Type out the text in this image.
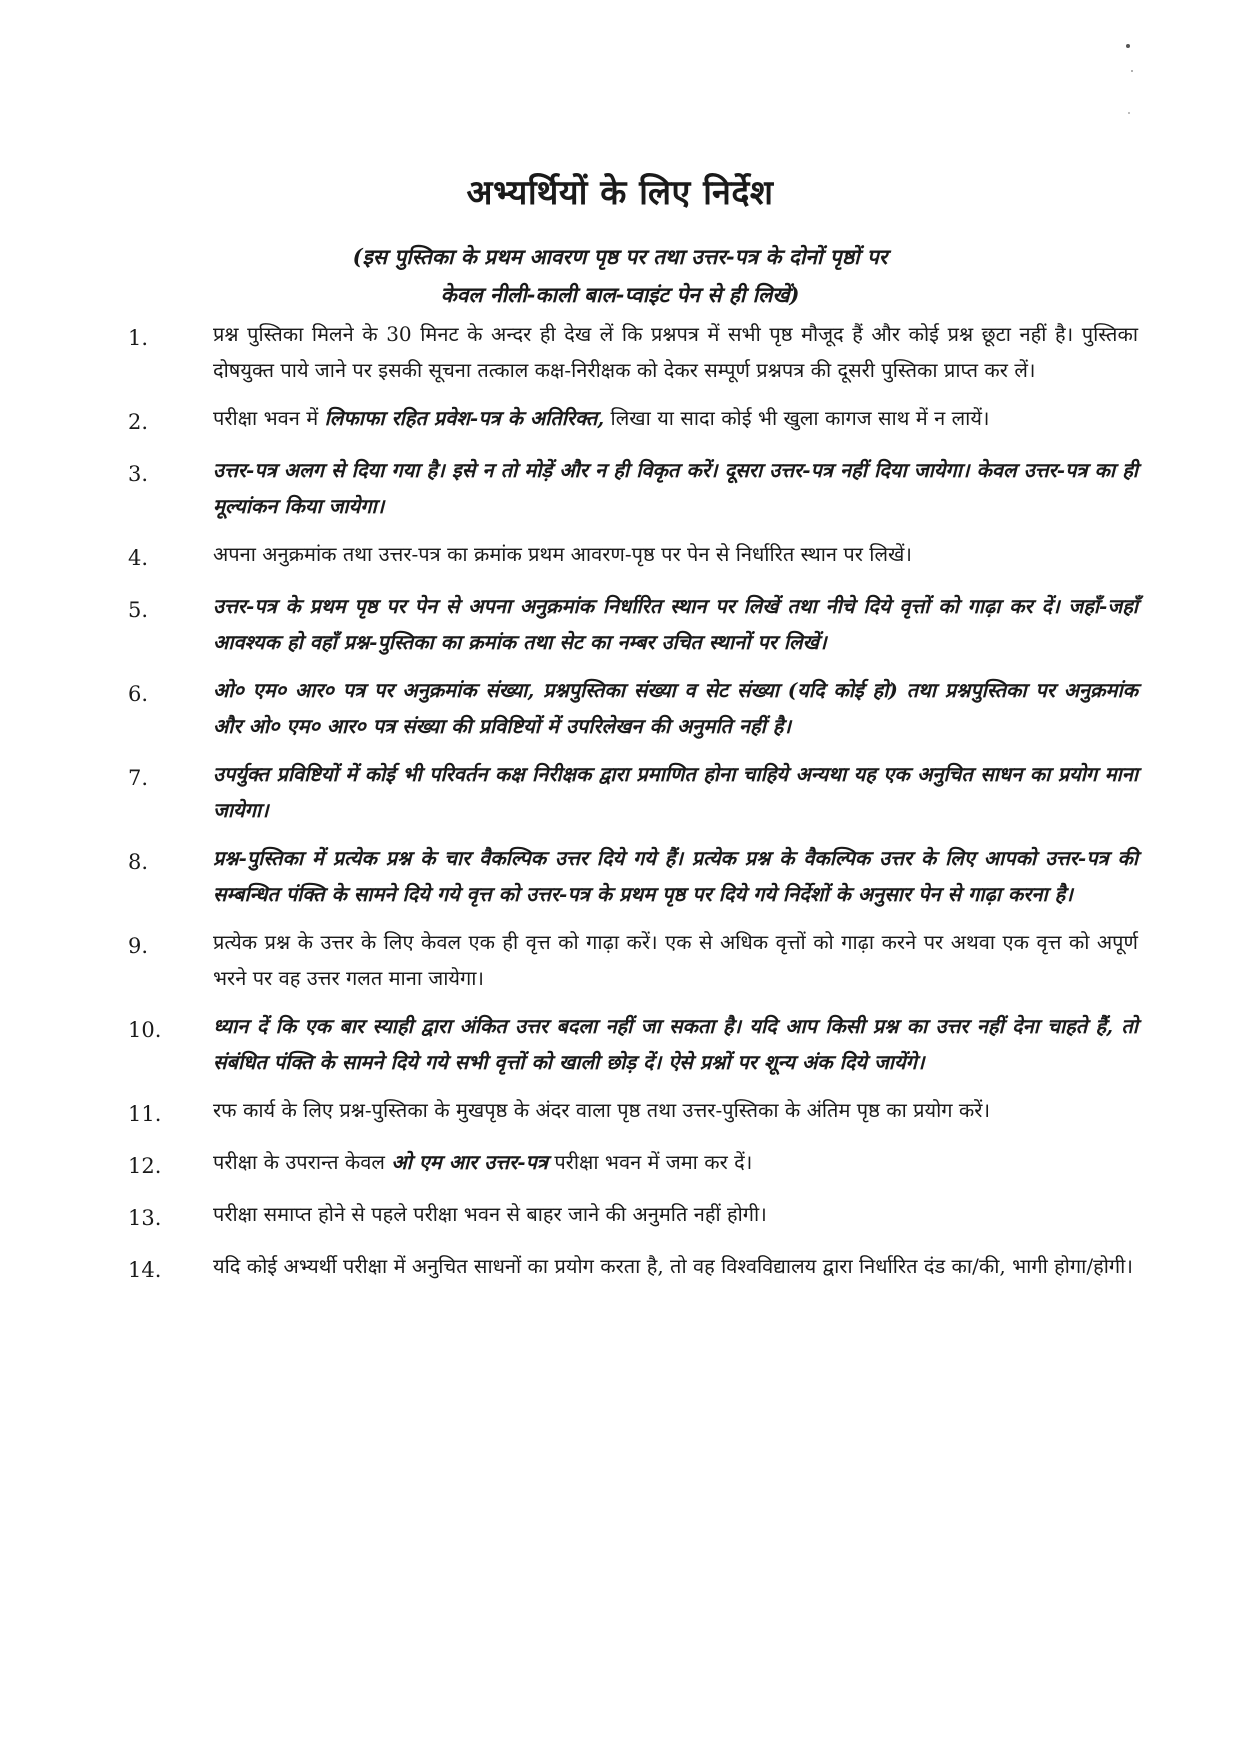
अभ्यर्थियों के लिए निर्देश
(इस पुस्तिका के प्रथम आवरण पृष्ठ पर तथा उत्तर-पत्र के दोनों पृष्ठों पर
केवल नीली-काली बाल-प्वाइंट पेन से ही लिखें)
1.	प्रश्न पुस्तिका मिलने के 30 मिनट के अन्दर ही देख लें कि प्रश्नपत्र में सभी पृष्ठ मौजूद हैं और कोई प्रश्न छूटा नहीं है। पुस्तिका दोषयुक्त पाये जाने पर इसकी सूचना तत्काल कक्ष-निरीक्षक को देकर सम्पूर्ण प्रश्नपत्र की दूसरी पुस्तिका प्राप्त कर लें।
2.	परीक्षा भवन में लिफाफा रहित प्रवेश-पत्र के अतिरिक्त, लिखा या सादा कोई भी खुला कागज साथ में न लायें।
3.	उत्तर-पत्र अलग से दिया गया है। इसे न तो मोड़ें और न ही विकृत करें। दूसरा उत्तर-पत्र नहीं दिया जायेगा। केवल उत्तर-पत्र का ही मूल्यांकन किया जायेगा।
4.	अपना अनुक्रमांक तथा उत्तर-पत्र का क्रमांक प्रथम आवरण-पृष्ठ पर पेन से निर्धारित स्थान पर लिखें।
5.	उत्तर-पत्र के प्रथम पृष्ठ पर पेन से अपना अनुक्रमांक निर्धारित स्थान पर लिखें तथा नीचे दिये वृत्तों को गाढ़ा कर दें। जहाँ-जहाँ आवश्यक हो वहाँ प्रश्न-पुस्तिका का क्रमांक तथा सेट का नम्बर उचित स्थानों पर लिखें।
6.	ओ० एम० आर० पत्र पर अनुक्रमांक संख्या, प्रश्नपुस्तिका संख्या व सेट संख्या (यदि कोई हो) तथा प्रश्नपुस्तिका पर अनुक्रमांक और ओ० एम० आर० पत्र संख्या की प्रविष्टियों में उपरिलेखन की अनुमति नहीं है।
7.	उपर्युक्त प्रविष्टियों में कोई भी परिवर्तन कक्ष निरीक्षक द्वारा प्रमाणित होना चाहिये अन्यथा यह एक अनुचित साधन का प्रयोग माना जायेगा।
8.	प्रश्न-पुस्तिका में प्रत्येक प्रश्न के चार वैकल्पिक उत्तर दिये गये हैं। प्रत्येक प्रश्न के वैकल्पिक उत्तर के लिए आपको उत्तर-पत्र की सम्बन्धित पंक्ति के सामने दिये गये वृत्त को उत्तर-पत्र के प्रथम पृष्ठ पर दिये गये निर्देशों के अनुसार पेन से गाढ़ा करना है।
9.	प्रत्येक प्रश्न के उत्तर के लिए केवल एक ही वृत्त को गाढ़ा करें। एक से अधिक वृत्तों को गाढ़ा करने पर अथवा एक वृत्त को अपूर्ण भरने पर वह उत्तर गलत माना जायेगा।
10.	ध्यान दें कि एक बार स्याही द्वारा अंकित उत्तर बदला नहीं जा सकता है। यदि आप किसी प्रश्न का उत्तर नहीं देना चाहते हैं, तो संबंधित पंक्ति के सामने दिये गये सभी वृत्तों को खाली छोड़ दें। ऐसे प्रश्नों पर शून्य अंक दिये जायेंगे।
11.	रफ कार्य के लिए प्रश्न-पुस्तिका के मुखपृष्ठ के अंदर वाला पृष्ठ तथा उत्तर-पुस्तिका के अंतिम पृष्ठ का प्रयोग करें।
12.	परीक्षा के उपरान्त केवल ओ एम आर उत्तर-पत्र परीक्षा भवन में जमा कर दें।
13.	परीक्षा समाप्त होने से पहले परीक्षा भवन से बाहर जाने की अनुमति नहीं होगी।
14.	यदि कोई अभ्यर्थी परीक्षा में अनुचित साधनों का प्रयोग करता है, तो वह विश्वविद्यालय द्वारा निर्धारित दंड का/की, भागी होगा/होगी।
